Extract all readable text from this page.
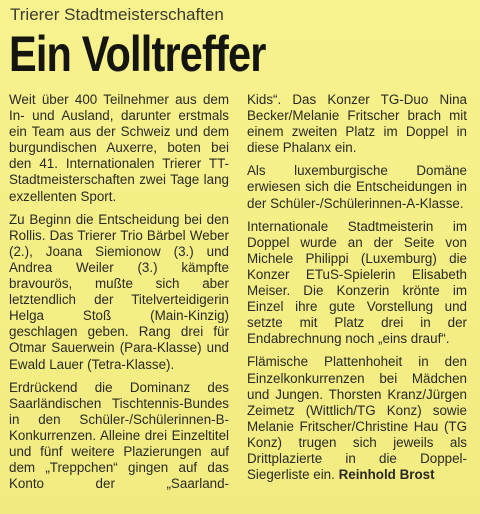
Trierer Stadtmeisterschaften
Ein Volltreffer

Weit über 400 Teilnehmer aus dem In- und Ausland, darunter erstmals ein Team aus der Schweiz und dem burgundischen Auxerre, boten bei den 41. Internationalen Trierer TT-Stadtmeisterschaften zwei Tage lang exzellenten Sport.

Zu Beginn die Entscheidung bei den Rollis. Das Trierer Trio Bärbel Weber (2.), Joana Siemionow (3.) und Andrea Weiler (3.) kämpfte bravourös, mußte sich aber letztendlich der Titelverteidigerin Helga Stoß (Main-Kinzig) geschlagen geben. Rang drei für Otmar Sauerwein (Para-Klasse) und Ewald Lauer (Tetra-Klasse).

Erdrückend die Dominanz des Saarländischen Tischtennis-Bundes in den Schüler-/Schülerinnen-B-Konkurrenzen. Alleine drei Einzeltitel und fünf weitere Plazierungen auf dem „Treppchen“ gingen auf das Konto der „Saarland-

Kids“. Das Konzer TG-Duo Nina Becker/Melanie Fritscher brach mit einem zweiten Platz im Doppel in diese Phalanx ein.

Als luxemburgische Domäne erwiesen sich die Entscheidungen in der Schüler-/Schülerinnen-A-Klasse.

Internationale Stadtmeisterin im Doppel wurde an der Seite von Michele Philippi (Luxemburg) die Konzer ETuS-Spielerin Elisabeth Meiser. Die Konzerin krönte im Einzel ihre gute Vorstellung und setzte mit Platz drei in der Endabrechnung noch „eins drauf“.

Flämische Plattenhoheit in den Einzelkonkurrenzen bei Mädchen und Jungen. Thorsten Kranz/Jürgen Zeimetz (Wittlich/TG Konz) sowie Melanie Fritscher/Christine Hau (TG Konz) trugen sich jeweils als Drittplazierte in die Doppel-Siegerliste ein. Reinhold Brost
